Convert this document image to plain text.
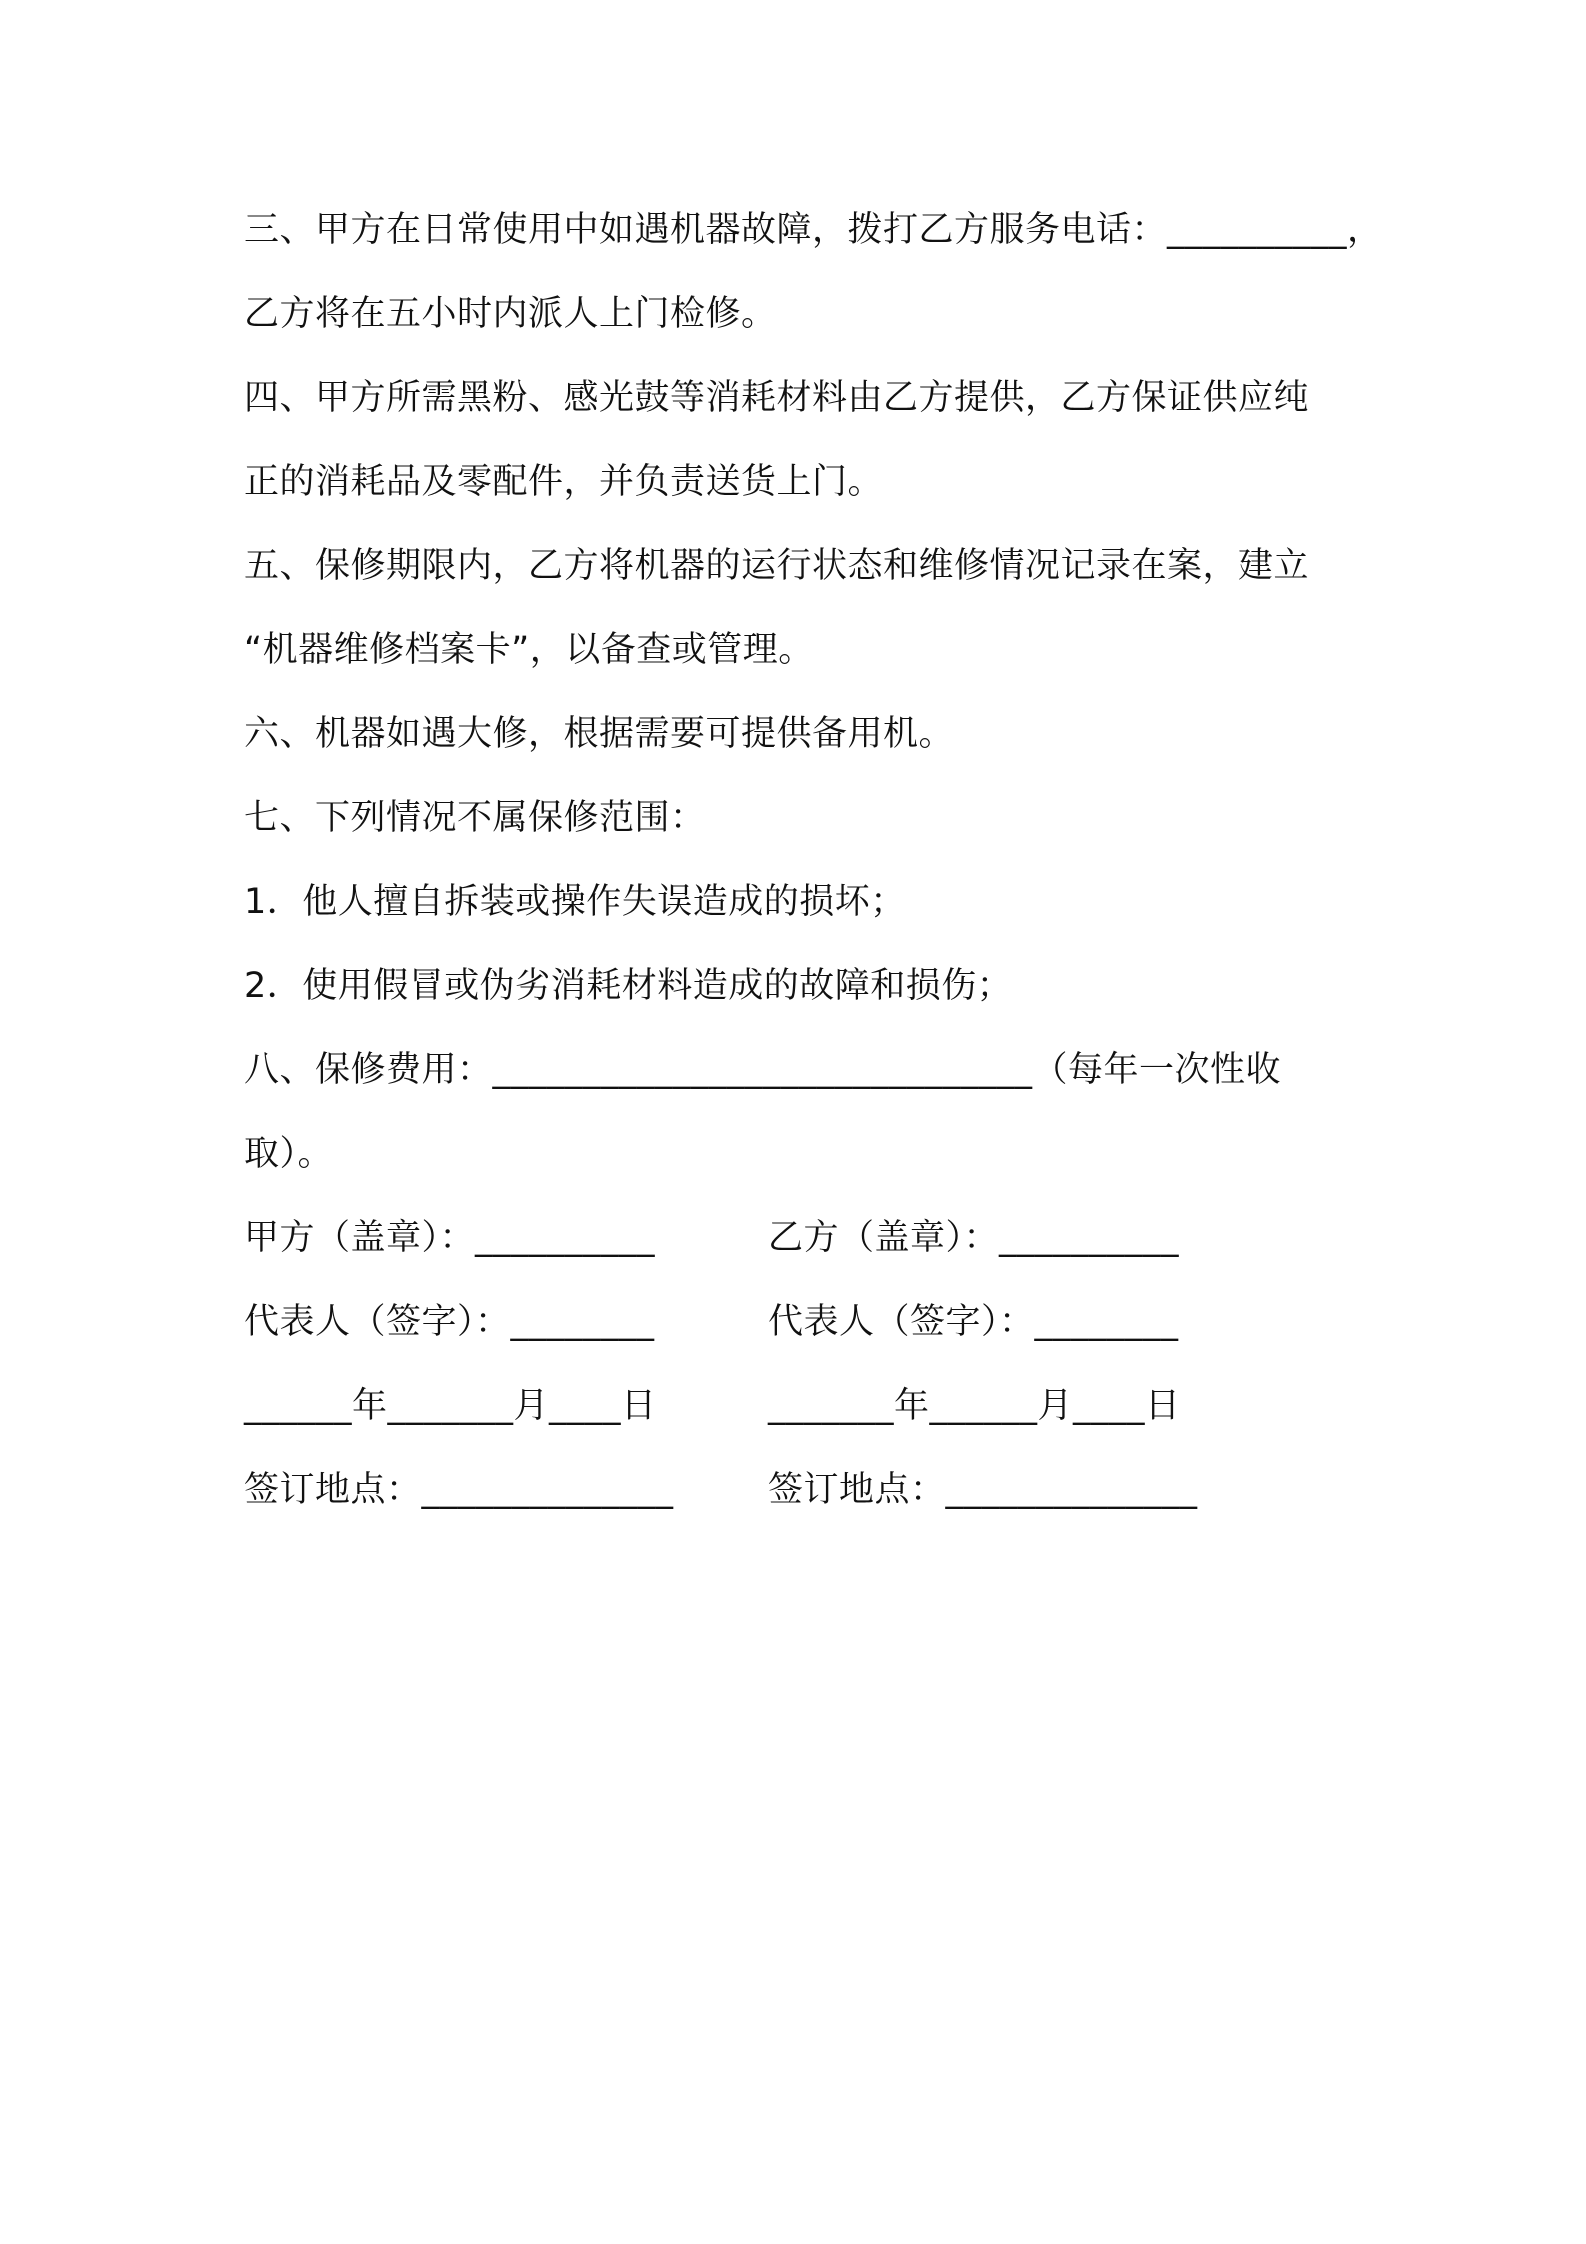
三、甲方在日常使用中如遇机器故障，拨打乙方服务电话：__________，
乙方将在五小时内派人上门检修。
四、甲方所需黑粉、感光鼓等消耗材料由乙方提供，乙方保证供应纯
正的消耗品及零配件，并负责送货上门。
五、保修期限内，乙方将机器的运行状态和维修情况记录在案，建立
“机器维修档案卡”，以备查或管理。
六、机器如遇大修，根据需要可提供备用机。
七、下列情况不属保修范围：
1．他人擅自拆装或操作失误造成的损坏；
2．使用假冒或伪劣消耗材料造成的故障和损伤；
八、保修费用：______________________________（每年一次性收
取）。
甲方（盖章）：__________	乙方（盖章）：__________
代表人（签字）：________	代表人（签字）：________
______年_______月____日	_______年______月____日
签订地点：______________	签订地点：______________
